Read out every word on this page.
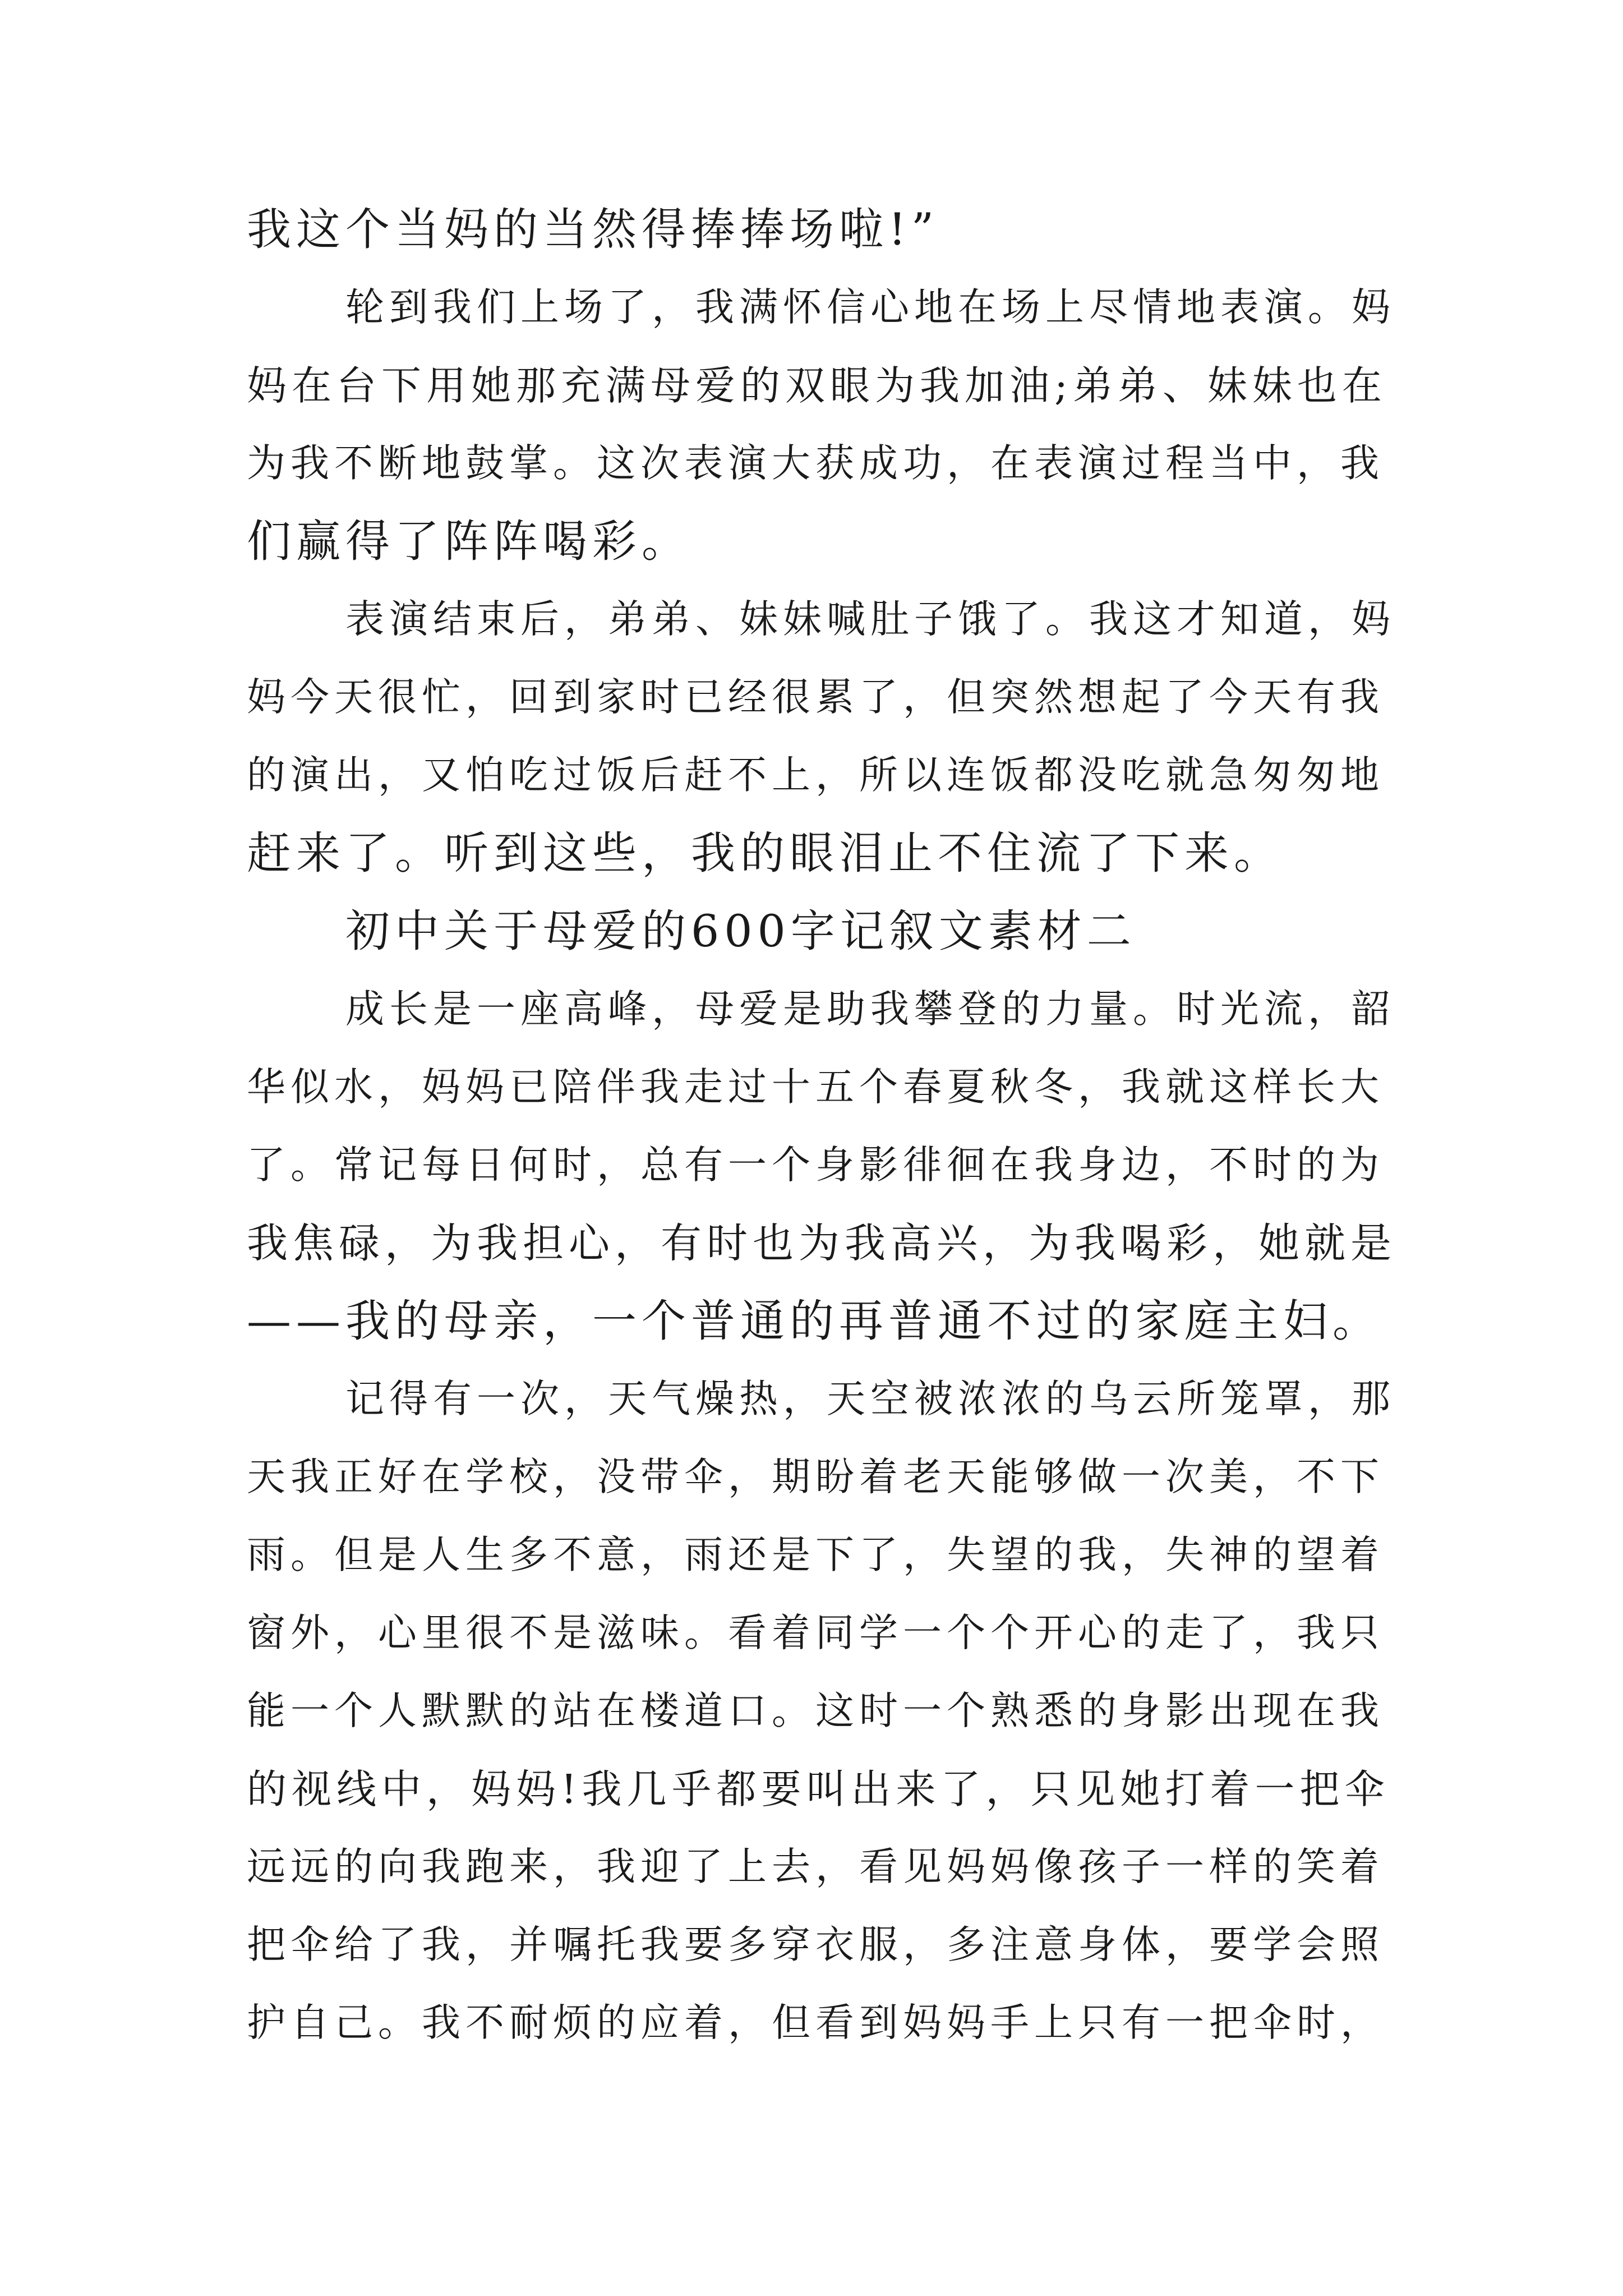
我这个当妈的当然得捧捧场啦!”
轮到我们上场了，我满怀信心地在场上尽情地表演。妈
妈在台下用她那充满母爱的双眼为我加油;弟弟、妹妹也在
为我不断地鼓掌。这次表演大获成功，在表演过程当中，我
们赢得了阵阵喝彩。
表演结束后，弟弟、妹妹喊肚子饿了。我这才知道，妈
妈今天很忙，回到家时已经很累了，但突然想起了今天有我
的演出，又怕吃过饭后赶不上，所以连饭都没吃就急匆匆地
赶来了。听到这些，我的眼泪止不住流了下来。
初中关于母爱的600字记叙文素材二
成长是一座高峰，母爱是助我攀登的力量。时光流，韶
华似水，妈妈已陪伴我走过十五个春夏秋冬，我就这样长大
了。常记每日何时，总有一个身影徘徊在我身边，不时的为
我焦碌，为我担心，有时也为我高兴，为我喝彩，她就是
——我的母亲，一个普通的再普通不过的家庭主妇。
记得有一次，天气燥热，天空被浓浓的乌云所笼罩，那
天我正好在学校，没带伞，期盼着老天能够做一次美，不下
雨。但是人生多不意，雨还是下了，失望的我，失神的望着
窗外，心里很不是滋味。看着同学一个个开心的走了，我只
能一个人默默的站在楼道口。这时一个熟悉的身影出现在我
的视线中，妈妈!我几乎都要叫出来了，只见她打着一把伞
远远的向我跑来，我迎了上去，看见妈妈像孩子一样的笑着
把伞给了我，并嘱托我要多穿衣服，多注意身体，要学会照
护自己。我不耐烦的应着，但看到妈妈手上只有一把伞时，
